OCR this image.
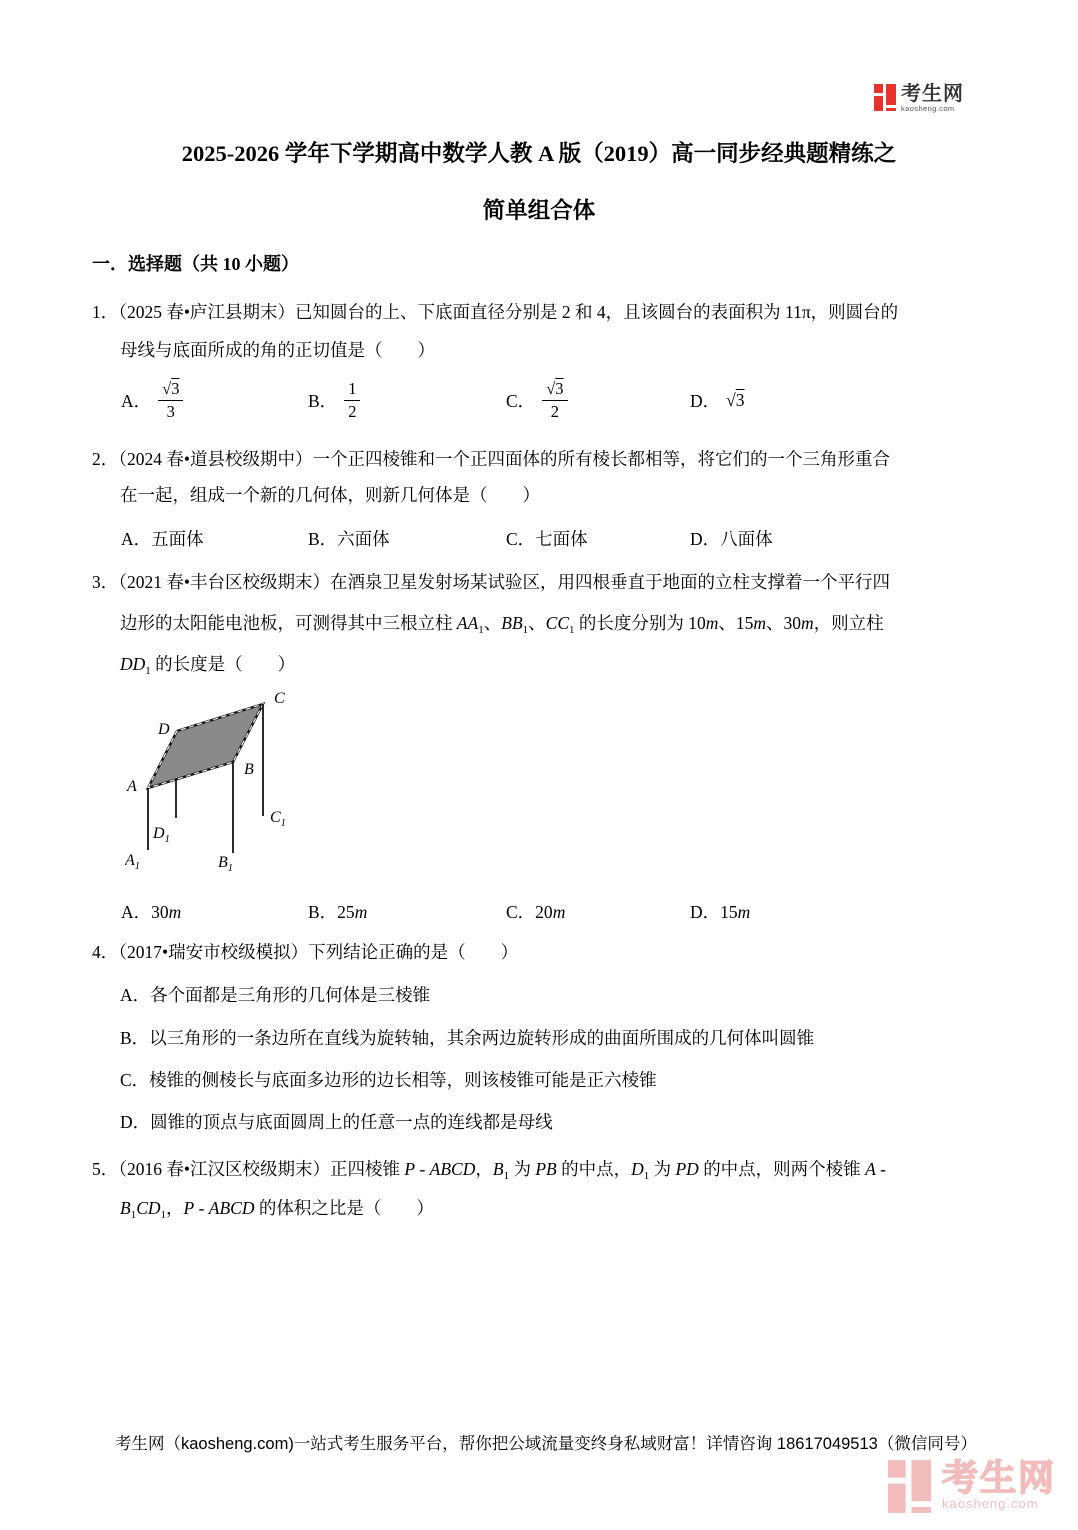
考生网
kaosheng.com
2025-2026 学年下学期高中数学人教 A 版（2019）高一同步经典题精练之
简单组合体
一．选择题（共 10 小题）
1．（2025 春•庐江县期末）已知圆台的上、下底面直径分别是 2 和 4，且该圆台的表面积为 11π，则圆台的
母线与底面所成的角的正切值是（　　）
A． $\frac{√3}{3}$	B． $\frac{1}{2}$	C． $\frac{√3}{2}$	D． √3
2．（2024 春•道县校级期中）一个正四棱锥和一个正四面体的所有棱长都相等，将它们的一个三角形重合
在一起，组成一个新的几何体，则新几何体是（　　）
A．五面体	B．六面体	C．七面体	D．八面体
3．（2021 春•丰台区校级期末）在酒泉卫星发射场某试验区，用四根垂直于地面的立柱支撑着一个平行四
边形的太阳能电池板，可测得其中三根立柱 $AA_1$、$BB_1$、$CC_1$ 的长度分别为 10m、15m、30m，则立柱
$DD_1$ 的长度是（　　）
A
D
C
B
$A_1$
$D_1$
$B_1$
$C_1$
A．30m	B．25m	C．20m	D．15m
4．（2017•瑞安市校级模拟）下列结论正确的是（　　）
A．各个面都是三角形的几何体是三棱锥
B．以三角形的一条边所在直线为旋转轴，其余两边旋转形成的曲面所围成的几何体叫圆锥
C．棱锥的侧棱长与底面多边形的边长相等，则该棱锥可能是正六棱锥
D．圆锥的顶点与底面圆周上的任意一点的连线都是母线
5．（2016 春•江汉区校级期末）正四棱锥 P - ABCD，$B_1$ 为 PB 的中点，$D_1$ 为 PD 的中点，则两个棱锥 A -
$B_1CD_1$，P - ABCD 的体积之比是（　　）
考生网（kaosheng.com)一站式考生服务平台，帮你把公域流量变终身私域财富！详情咨询 18617049513（微信同号）
考生网
kaosheng.com
